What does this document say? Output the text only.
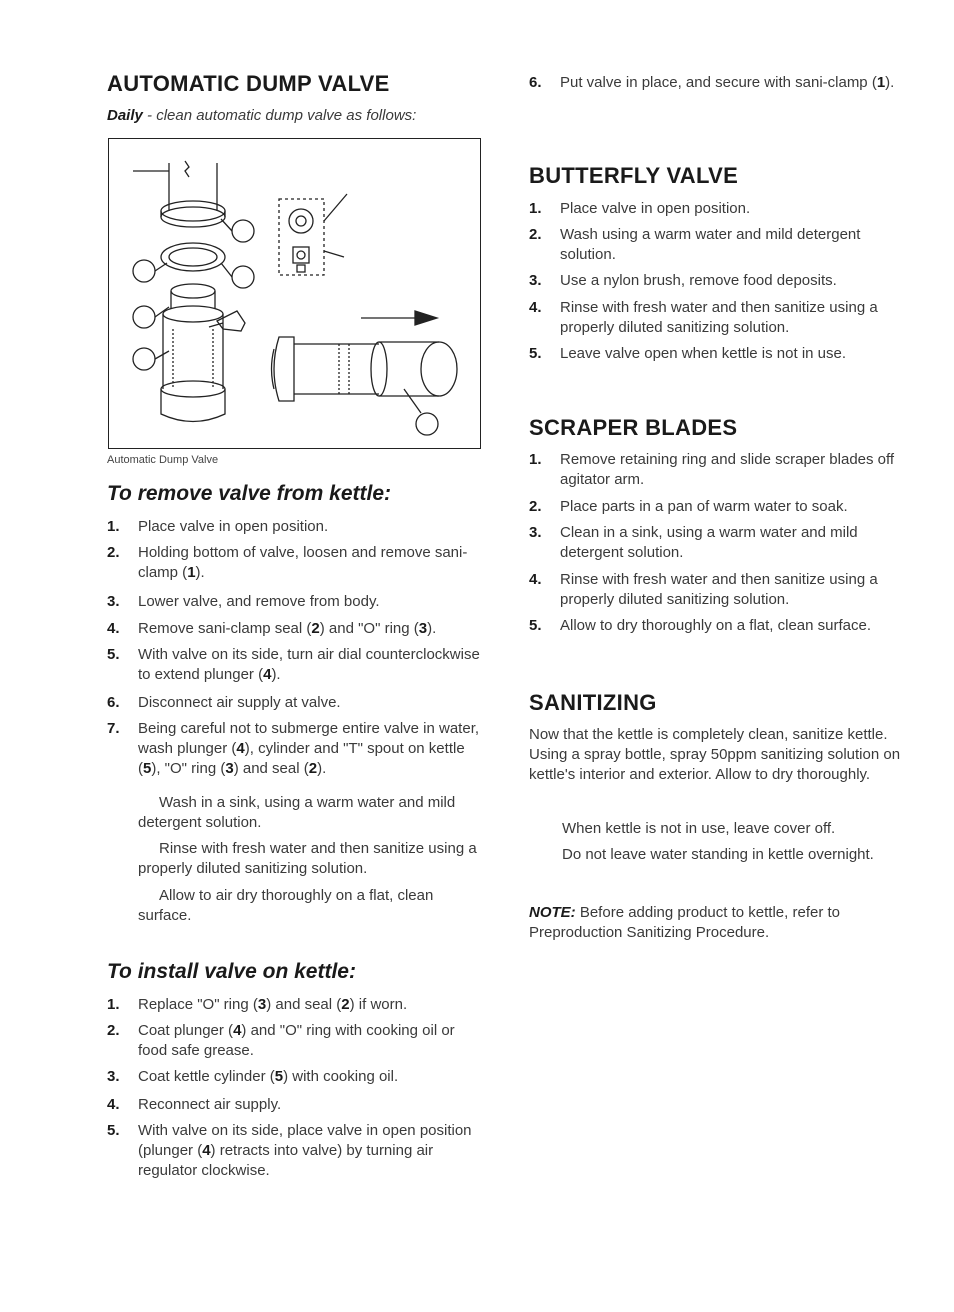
AUTOMATIC DUMP VALVE
Daily - clean automatic dump valve as follows:
Automatic Dump Valve
To remove valve from kettle:
1. Place valve in open position.
2. Holding bottom of valve, loosen and remove sani-clamp (1).
3. Lower valve, and remove from body.
4. Remove sani-clamp seal (2) and "O" ring (3).
5. With valve on its side, turn air dial counterclockwise to extend plunger (4).
6. Disconnect air supply at valve.
7. Being careful not to submerge entire valve in water, wash plunger (4), cylinder and "T" spout on kettle (5), "O" ring (3) and seal (2).
Wash in a sink, using a warm water and mild detergent solution.
Rinse with fresh water and then sanitize using a properly diluted sanitizing solution.
Allow to air dry thoroughly on a flat, clean surface.
To install valve on kettle:
1. Replace "O" ring (3) and seal (2) if worn.
2. Coat plunger (4) and "O" ring with cooking oil or food safe grease.
3. Coat kettle cylinder (5) with cooking oil.
4. Reconnect air supply.
5. With valve on its side, place valve in open position (plunger (4) retracts into valve) by turning air regulator clockwise.
6. Put valve in place, and secure with sani-clamp (1).
BUTTERFLY VALVE
1. Place valve in open position.
2. Wash using a warm water and mild detergent solution.
3. Use a nylon brush, remove food deposits.
4. Rinse with fresh water and then sanitize using a properly diluted sanitizing solution.
5. Leave valve open when kettle is not in use.
SCRAPER BLADES
1. Remove retaining ring and slide scraper blades off agitator arm.
2. Place parts in a pan of warm water to soak.
3. Clean in a sink, using a warm water and mild detergent solution.
4. Rinse with fresh water and then sanitize using a properly diluted sanitizing solution.
5. Allow to dry thoroughly on a flat, clean surface.
SANITIZING
Now that the kettle is completely clean, sanitize kettle. Using a spray bottle, spray 50ppm sanitizing solution on kettle's interior and exterior. Allow to dry thoroughly.
When kettle is not in use, leave cover off.
Do not leave water standing in kettle overnight.
NOTE: Before adding product to kettle, refer to Preproduction Sanitizing Procedure.
